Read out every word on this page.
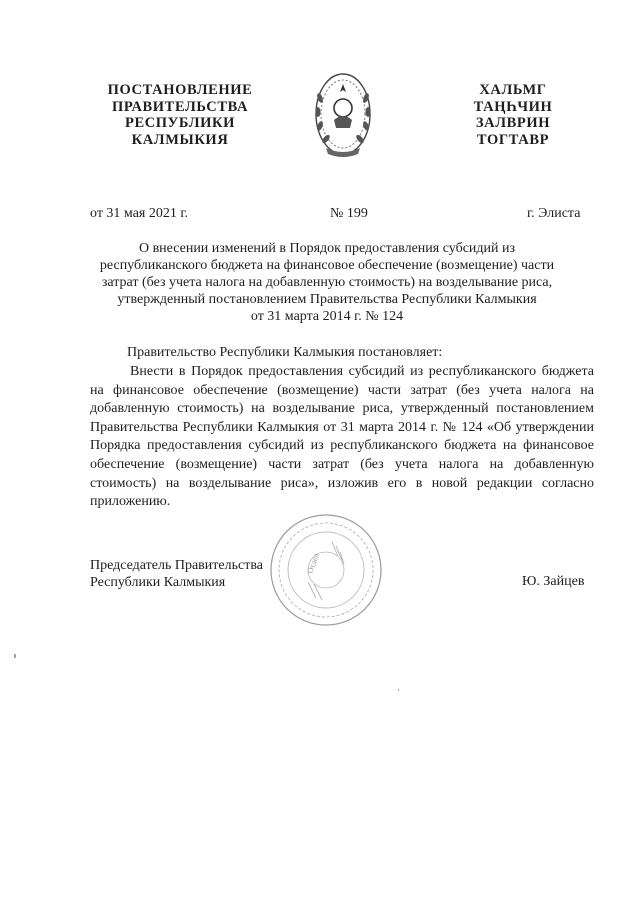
ПОСТАНОВЛЕНИЕ
ПРАВИТЕЛЬСТВА
РЕСПУБЛИКИ
КАЛМЫКИЯ
ХАЛЬМГ
ТАҢҺЧИН
ЗАЛВРИН
ТОГТАВР
от 31 мая 2021 г.	№ 199	г. Элиста
О внесении изменений в Порядок предоставления субсидий из
республиканского бюджета на финансовое обеспечение (возмещение) части
затрат (без учета налога на добавленную стоимость) на возделывание риса,
утвержденный постановлением Правительства Республики Калмыкия
от 31 марта 2014 г. № 124
Правительство Республики Калмыкия постановляет:
Внести в Порядок предоставления субсидий из республиканского бюджета на финансовое обеспечение (возмещение) части затрат (без учета налога на добавленную стоимость) на возделывание риса, утвержденный постановлением Правительства Республики Калмыкия от 31 марта 2014 г. № 124 «Об утверждении Порядка предоставления субсидий из республиканского бюджета на финансовое обеспечение (возмещение) части затрат (без учета налога на добавленную стоимость) на возделывание риса», изложив его в новой редакции согласно приложению.
Отдел
Председатель Правительства
Республики Калмыкия	Ю. Зайцев
